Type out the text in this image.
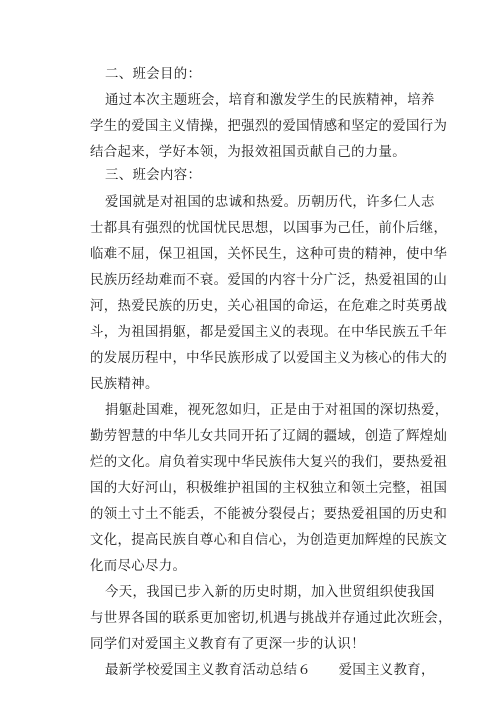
二、班会目的：
通过本次主题班会，培育和激发学生的民族精神，培养
学生的爱国主义情操，把强烈的爱国情感和坚定的爱国行为
结合起来，学好本领，为报效祖国贡献自己的力量。
三、班会内容：
爱国就是对祖国的忠诚和热爱。历朝历代，许多仁人志
士都具有强烈的忧国忧民思想，以国事为己任，前仆后继，
临难不屈，保卫祖国，关怀民生，这种可贵的精神，使中华
民族历经劫难而不衰。爱国的内容十分广泛，热爱祖国的山
河，热爱民族的历史，关心祖国的命运，在危难之时英勇战
斗，为祖国捐躯，都是爱国主义的表现。在中华民族五千年
的发展历程中，中华民族形成了以爱国主义为核心的伟大的
民族精神。
捐躯赴国难，视死忽如归，正是由于对祖国的深切热爱，
勤劳智慧的中华儿女共同开拓了辽阔的疆域，创造了辉煌灿
烂的文化。肩负着实现中华民族伟大复兴的我们，要热爱祖
国的大好河山，积极维护祖国的主权独立和领土完整，祖国
的领土寸土不能丢，不能被分裂侵占；要热爱祖国的历史和
文化，提高民族自尊心和自信心，为创造更加辉煌的民族文
化而尽心尽力。
今天，我国已步入新的历史时期，加入世贸组织使我国
与世界各国的联系更加密切,机遇与挑战并存通过此次班会，
同学们对爱国主义教育有了更深一步的认识！
最新学校爱国主义教育活动总结６　　爱国主义教育，
